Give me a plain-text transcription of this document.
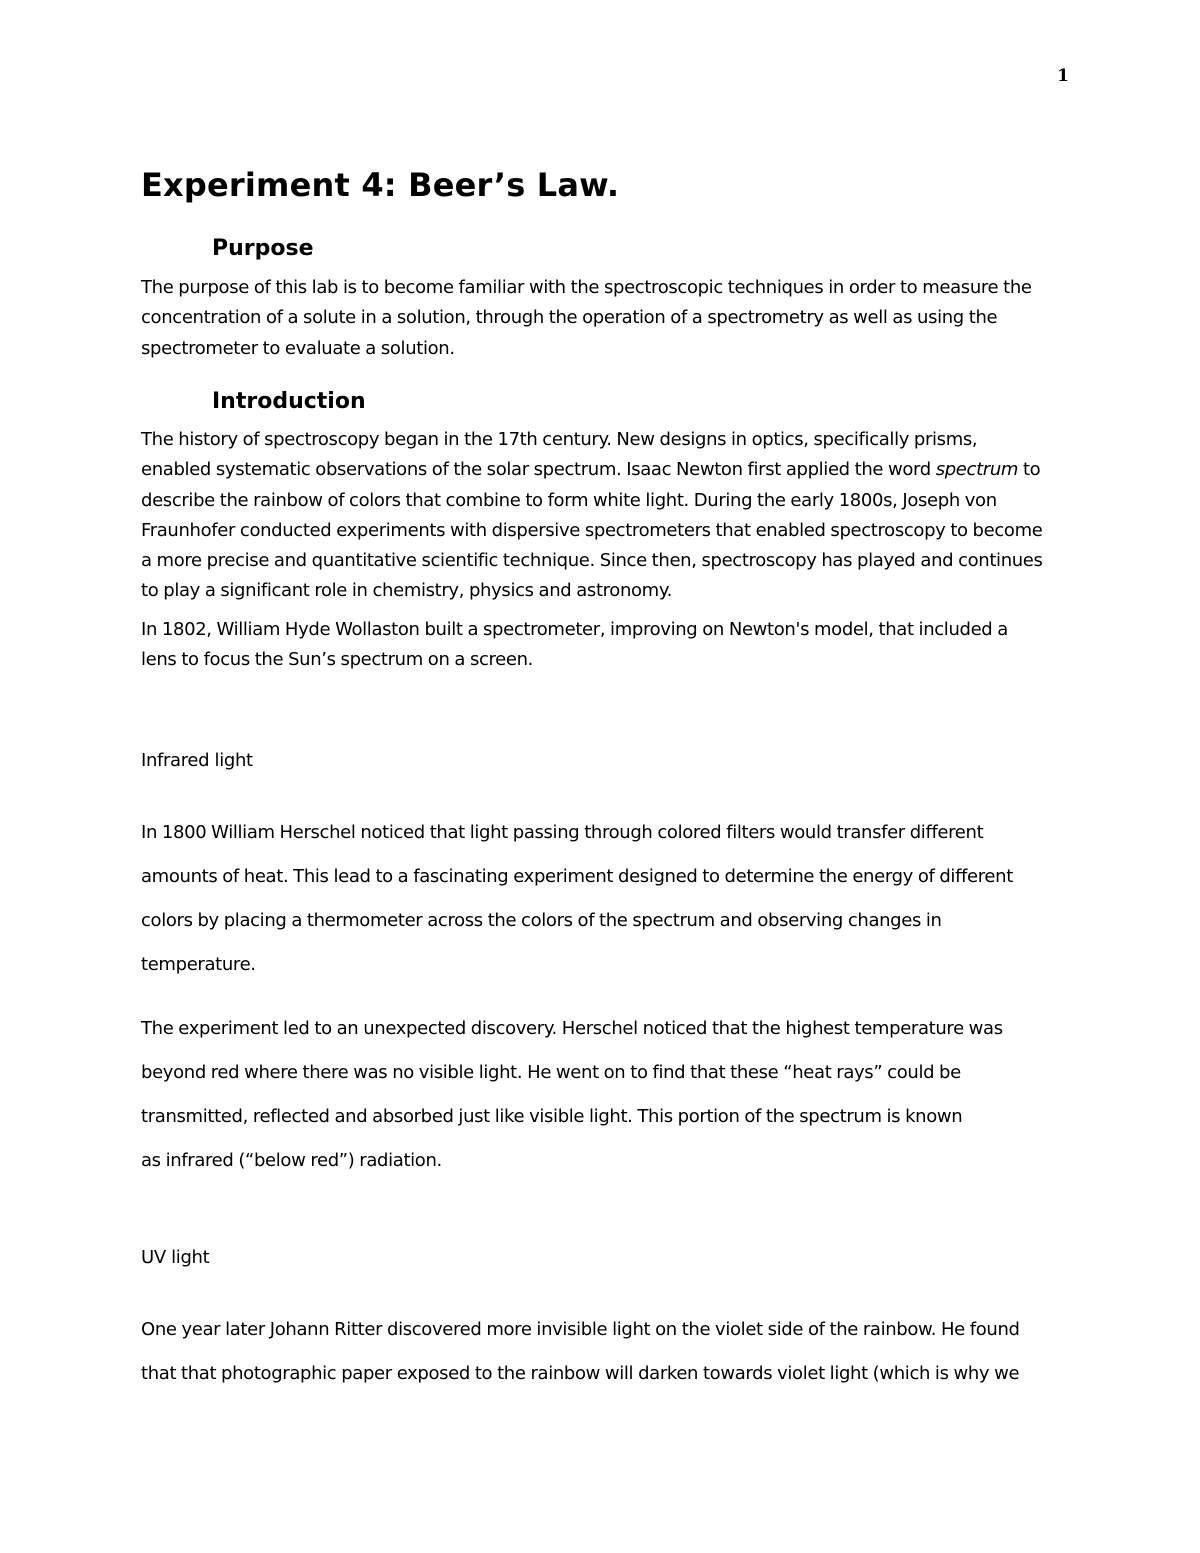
1
Experiment 4: Beer’s Law.
Purpose

The purpose of this lab is to become familiar with the spectroscopic techniques in order to measure the
concentration of a solute in a solution, through the operation of a spectrometry as well as using the
spectrometer to evaluate a solution.

Introduction

The history of spectroscopy began in the 17th century. New designs in optics, specifically prisms,
enabled systematic observations of the solar spectrum. Isaac Newton first applied the word spectrum to
describe the rainbow of colors that combine to form white light. During the early 1800s, Joseph von
Fraunhofer conducted experiments with dispersive spectrometers that enabled spectroscopy to become
a more precise and quantitative scientific technique. Since then, spectroscopy has played and continues
to play a significant role in chemistry, physics and astronomy.

In 1802, William Hyde Wollaston built a spectrometer, improving on Newton's model, that included a
lens to focus the Sun’s spectrum on a screen.

Infrared light

In 1800 William Herschel noticed that light passing through colored filters would transfer different
amounts of heat. This lead to a fascinating experiment designed to determine the energy of different
colors by placing a thermometer across the colors of the spectrum and observing changes in
temperature.

The experiment led to an unexpected discovery. Herschel noticed that the highest temperature was
beyond red where there was no visible light. He went on to find that these “heat rays” could be
transmitted, reflected and absorbed just like visible light. This portion of the spectrum is known
as infrared (“below red”) radiation.

UV light

One year later Johann Ritter discovered more invisible light on the violet side of the rainbow. He found
that that photographic paper exposed to the rainbow will darken towards violet light (which is why we
